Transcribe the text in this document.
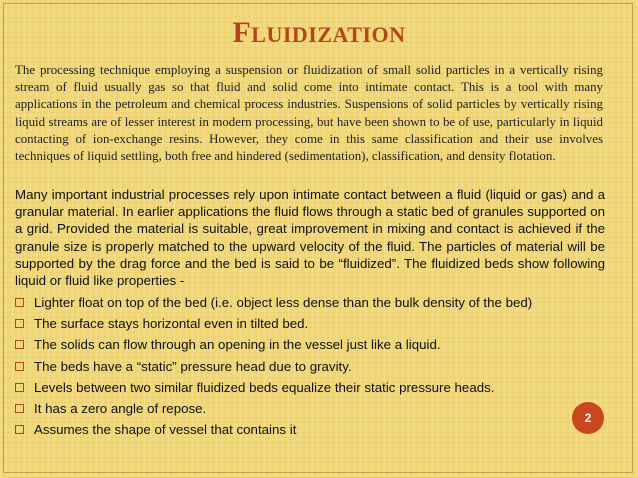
FLUIDIZATION
The processing technique employing a suspension or fluidization of small solid particles in a vertically rising stream of fluid usually gas so that fluid and solid come into intimate contact. This is a tool with many applications in the petroleum and chemical process industries. Suspensions of solid particles by vertically rising liquid streams are of lesser interest in modern processing, but have been shown to be of use, particularly in liquid contacting of ion-exchange resins. However, they come in this same classification and their use involves techniques of liquid settling, both free and hindered (sedimentation), classification, and density flotation.
Many important industrial processes rely upon intimate contact between a fluid (liquid or gas) and a granular material. In earlier applications the fluid flows through a static bed of granules supported on a grid. Provided the material is suitable, great improvement in mixing and contact is achieved if the granule size is properly matched to the upward velocity of the fluid. The particles of material will be supported by the drag force and the bed is said to be “fluidized”. The fluidized beds show following liquid or fluid like properties -
Lighter float on top of the bed (i.e. object less dense than the bulk density of the bed)
The surface stays horizontal even in tilted bed.
The solids can flow through an opening in the vessel just like a liquid.
The beds have a “static” pressure head due to gravity.
Levels between two similar fluidized beds equalize their static pressure heads.
It has a zero angle of repose.
Assumes the shape of vessel that contains it
2
